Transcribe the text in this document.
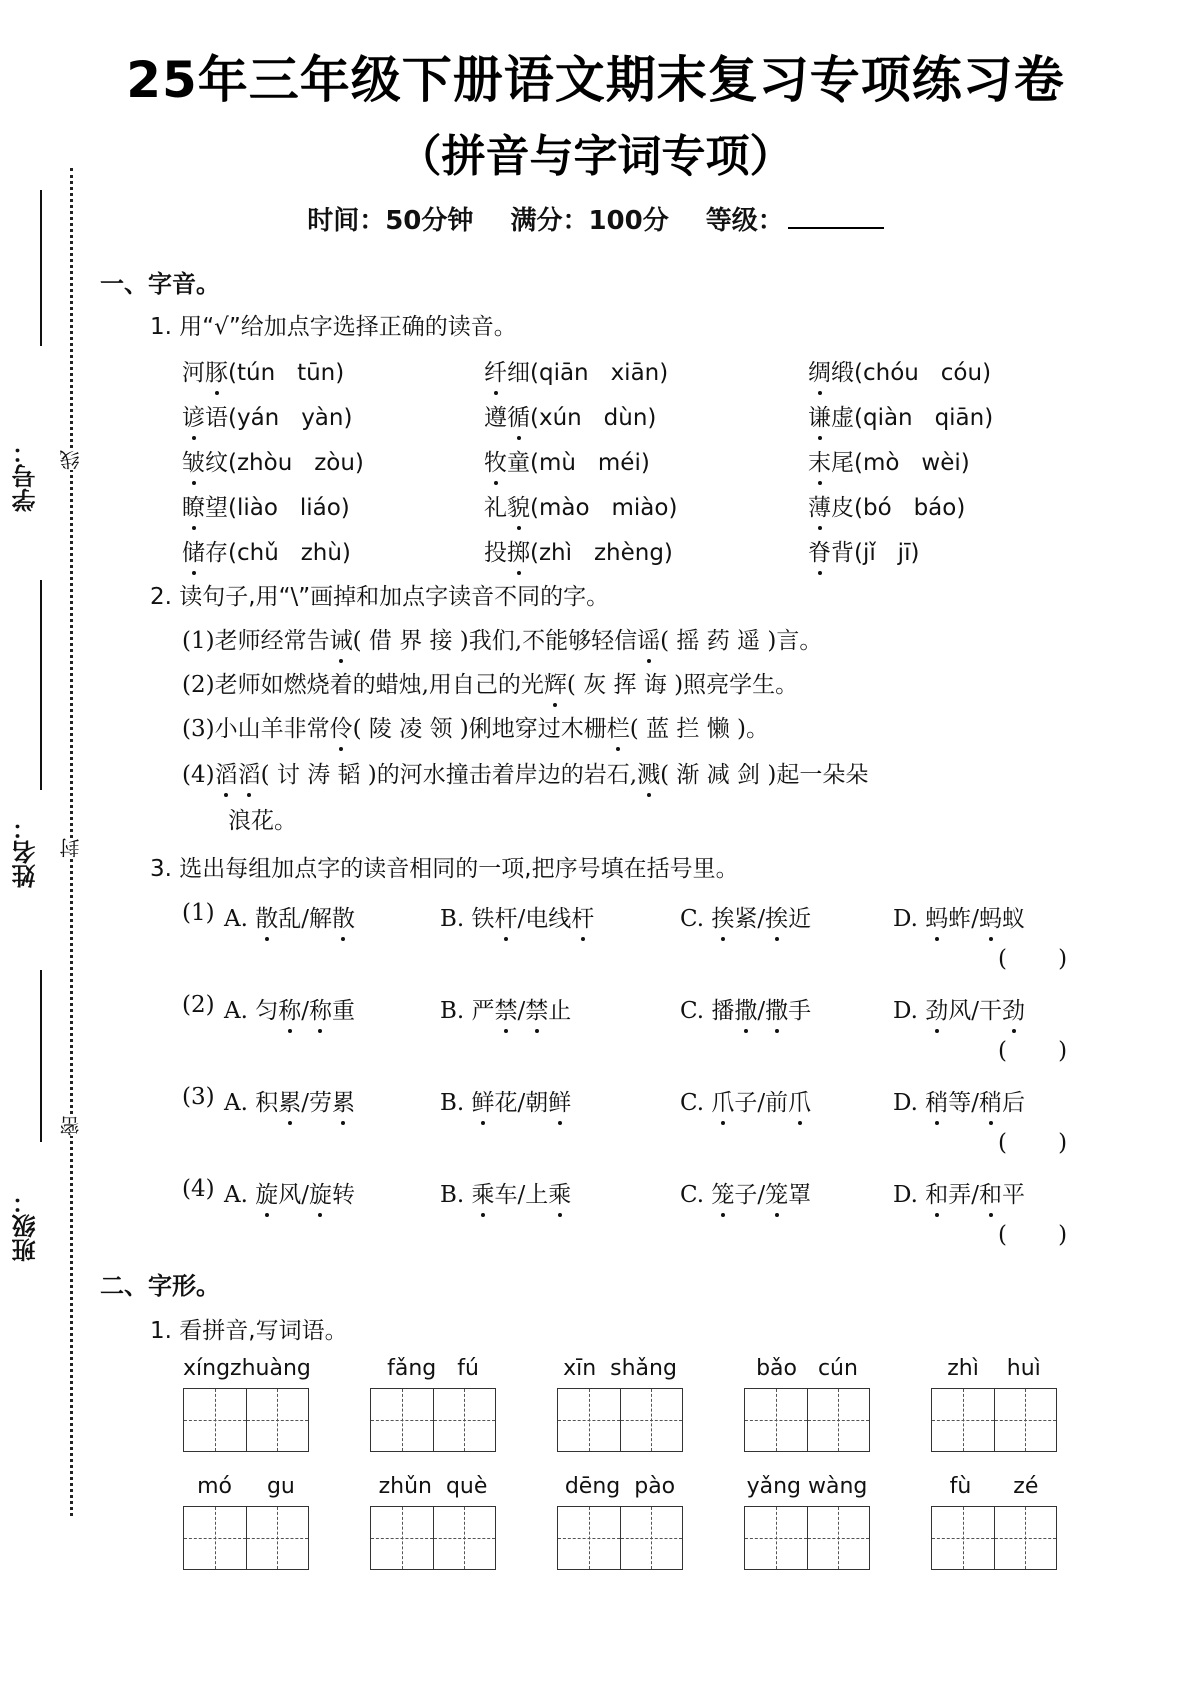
25年三年级下册语文期末复习专项练习卷
（拼音与字词专项）
时间：50分钟 满分：100分 等级：
学号： 线
姓名： 封
班级：
密
一、字音。
1. 用“√”给加点字选择正确的读音。
河豚(tún   tūn)	纤细(qiān   xiān)	绸缎(chóu   cóu)
谚语(yán   yàn)	遵循(xún   dùn)	谦虚(qiàn   qiān)
皱纹(zhòu   zòu)	牧童(mù   méi)	末尾(mò   wèi)
瞭望(liào   liáo)	礼貌(mào   miào)	薄皮(bó   báo)
储存(chǔ   zhù)	投掷(zhì   zhèng)	脊背(jǐ   jī)
2. 读句子,用“\”画掉和加点字读音不同的字。
(1)老师经常告诫( 借 界 接 )我们,不能够轻信谣( 摇 药 遥 )言。
(2)老师如燃烧着的蜡烛,用自己的光辉( 灰 挥 诲 )照亮学生。
(3)小山羊非常伶( 陵 凌 领 )俐地穿过木栅栏( 蓝 拦 懒 )。
(4)滔滔( 讨 涛 韬 )的河水撞击着岸边的岩石,溅( 渐 减 剑 )起一朵朵
浪花。
3. 选出每组加点字的读音相同的一项,把序号填在括号里。
(1) A. 散乱/解散	B. 铁杆/电线杆	C. 挨紧/挨近	D. 蚂蚱/蚂蚁
(       )
(2) A. 匀称/称重	B. 严禁/禁止	C. 播撒/撒手	D. 劲风/干劲
(       )
(3) A. 积累/劳累	B. 鲜花/朝鲜	C. 爪子/前爪	D. 稍等/稍后
(       )
(4) A. 旋风/旋转	B. 乘车/上乘	C. 笼子/笼罩	D. 和弄/和平
(       )
二、字形。
1. 看拼音,写词语。
xíngzhuàng	fǎng   fú	xīn  shǎng	bǎo   cún	zhì    huì
mó     gu	zhǔn  què	dēng  pào	yǎng wàng	fù      zé
